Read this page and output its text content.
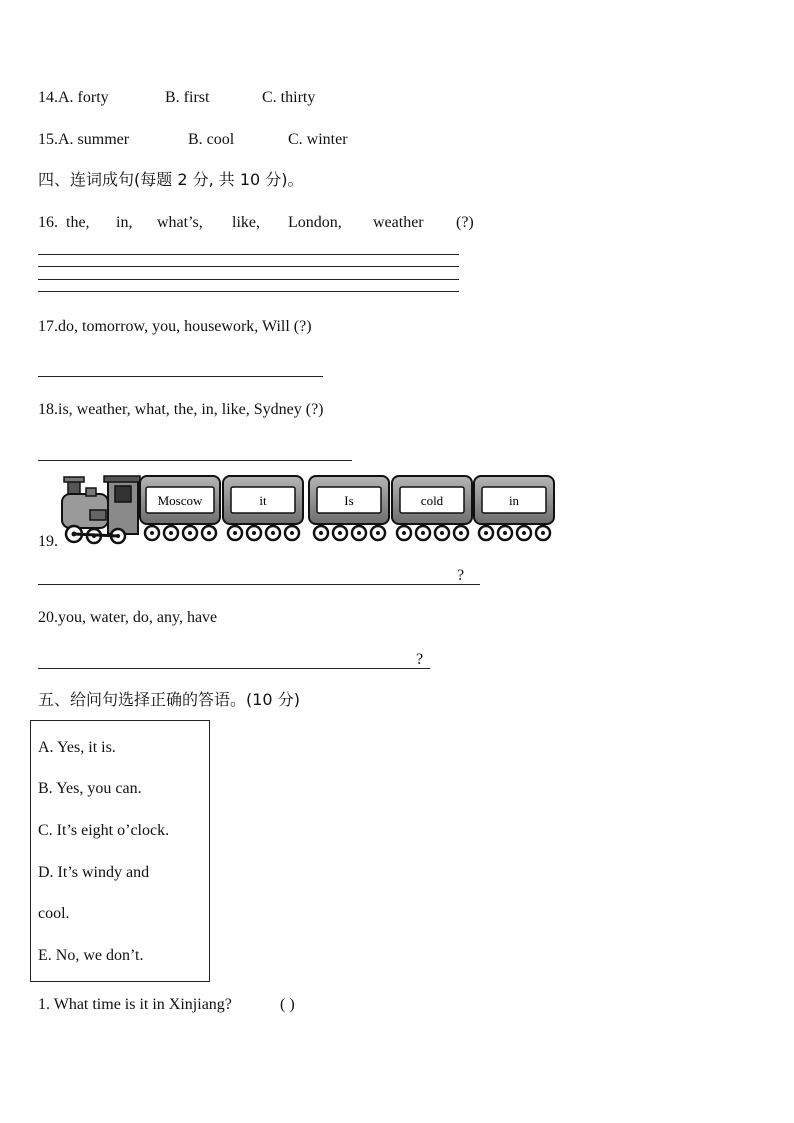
14.A. forty	B. first	C. thirty
15.A. summer	B. cool	C. winter
四、连词成句(每题 2 分, 共 10 分)。
16. the, in, what’s, like, London, weather (?)
17.do, tomorrow, you, housework, Will (?)
18.is, weather, what, the, in, like, Sydney (?)
19.
Moscow	it	Is	cold	in
?
20.you, water, do, any, have
?
五、给问句选择正确的答语。(10 分)
A. Yes, it is.
B. Yes, you can.
C. It’s eight o’clock.
D. It’s windy and
cool.
E. No, we don’t.
1. What time is it in Xinjiang?	( )
